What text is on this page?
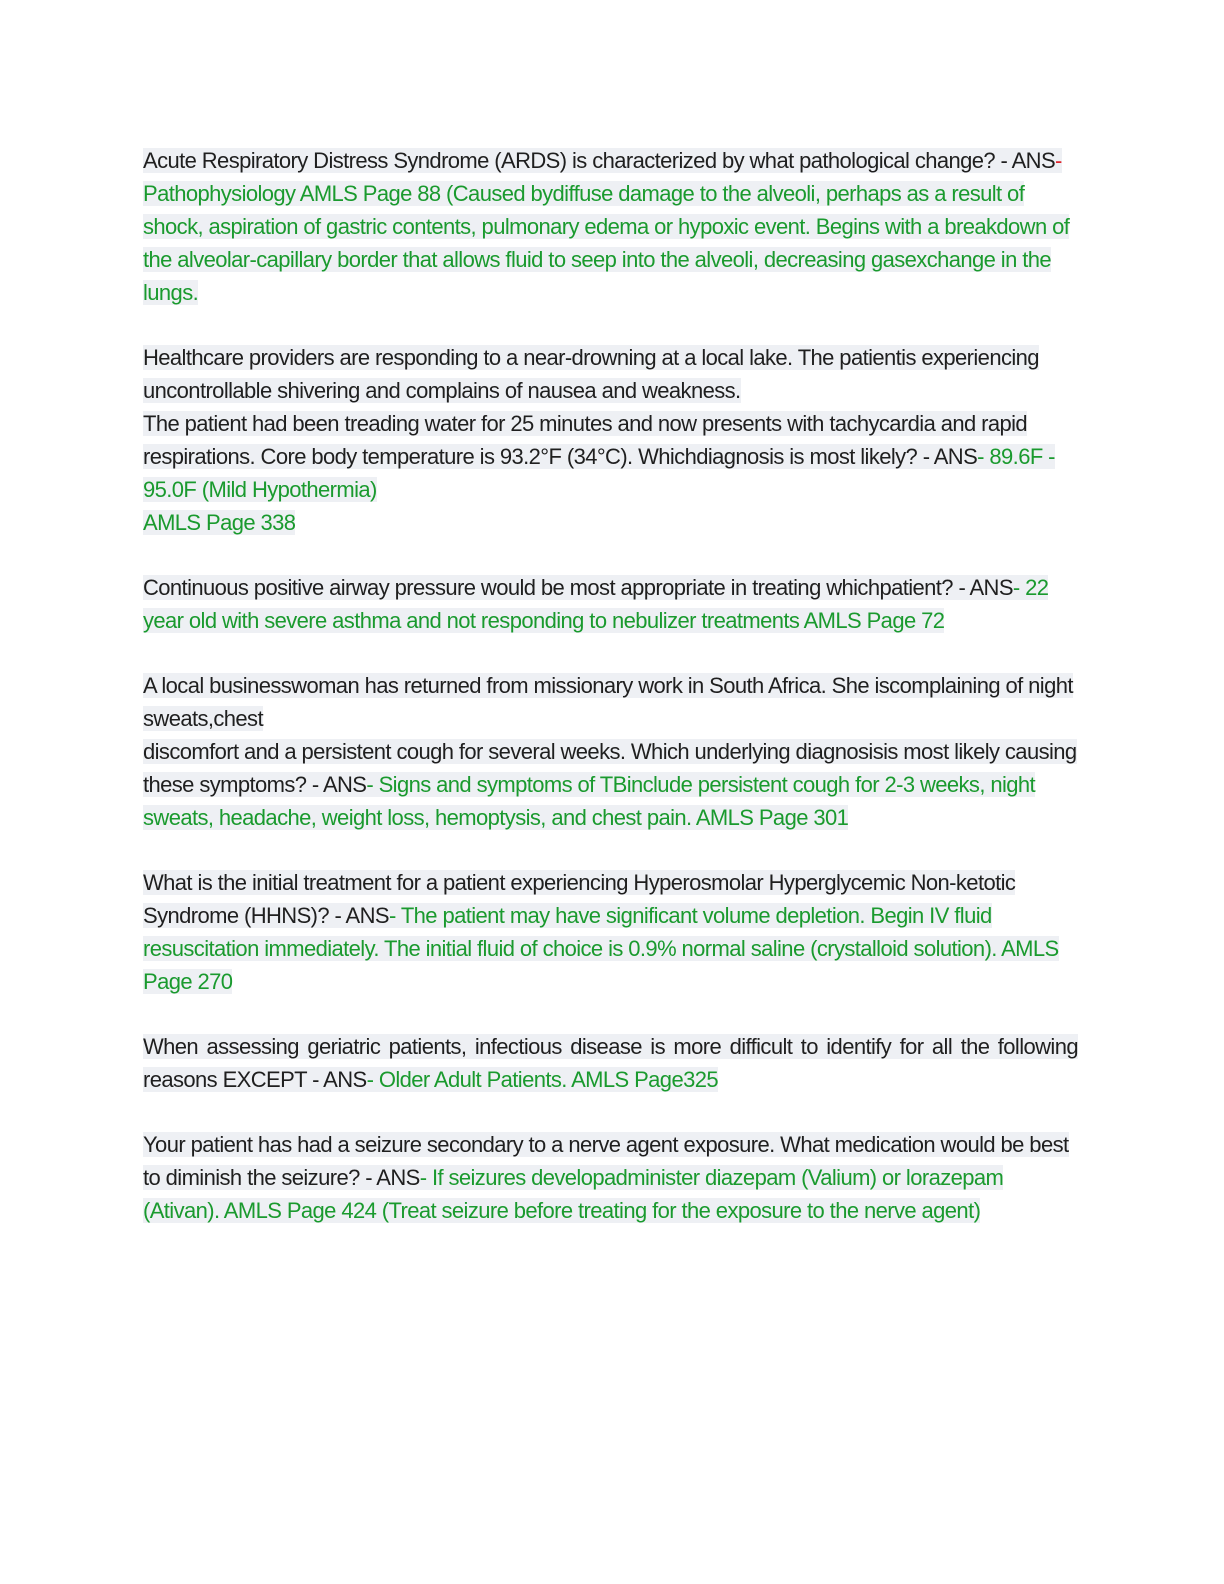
Acute Respiratory Distress Syndrome (ARDS) is characterized by what pathological change? - ANS- Pathophysiology AMLS Page 88 (Caused bydiffuse damage to the alveoli, perhaps as a result of shock, aspiration of gastric contents, pulmonary edema or hypoxic event. Begins with a breakdown of the alveolar-capillary border that allows fluid to seep into the alveoli, decreasing gasexchange in the lungs.

Healthcare providers are responding to a near-drowning at a local lake. The patientis experiencing uncontrollable shivering and complains of nausea and weakness.
The patient had been treading water for 25 minutes and now presents with tachycardia and rapid respirations. Core body temperature is 93.2°F (34°C). Whichdiagnosis is most likely? - ANS- 89.6F - 95.0F (Mild Hypothermia)
AMLS Page 338

Continuous positive airway pressure would be most appropriate in treating whichpatient? - ANS- 22 year old with severe asthma and not responding to nebulizer treatments AMLS Page 72

A local businesswoman has returned from missionary work in South Africa. She iscomplaining of night sweats,chest
discomfort and a persistent cough for several weeks. Which underlying diagnosisis most likely causing these symptoms? - ANS- Signs and symptoms of TBinclude persistent cough for 2-3 weeks, night sweats, headache, weight loss, hemoptysis, and chest pain. AMLS Page 301

What is the initial treatment for a patient experiencing Hyperosmolar Hyperglycemic Non-ketotic Syndrome (HHNS)? - ANS- The patient may have significant volume depletion. Begin IV fluid resuscitation immediately. The initial fluid of choice is 0.9% normal saline (crystalloid solution). AMLS Page 270

When assessing geriatric patients, infectious disease is more difficult to identify for all the following reasons EXCEPT - ANS- Older Adult Patients. AMLS Page325

Your patient has had a seizure secondary to a nerve agent exposure. What medication would be best to diminish the seizure? - ANS- If seizures developadminister diazepam (Valium) or lorazepam (Ativan). AMLS Page 424 (Treat seizure before treating for the exposure to the nerve agent)
